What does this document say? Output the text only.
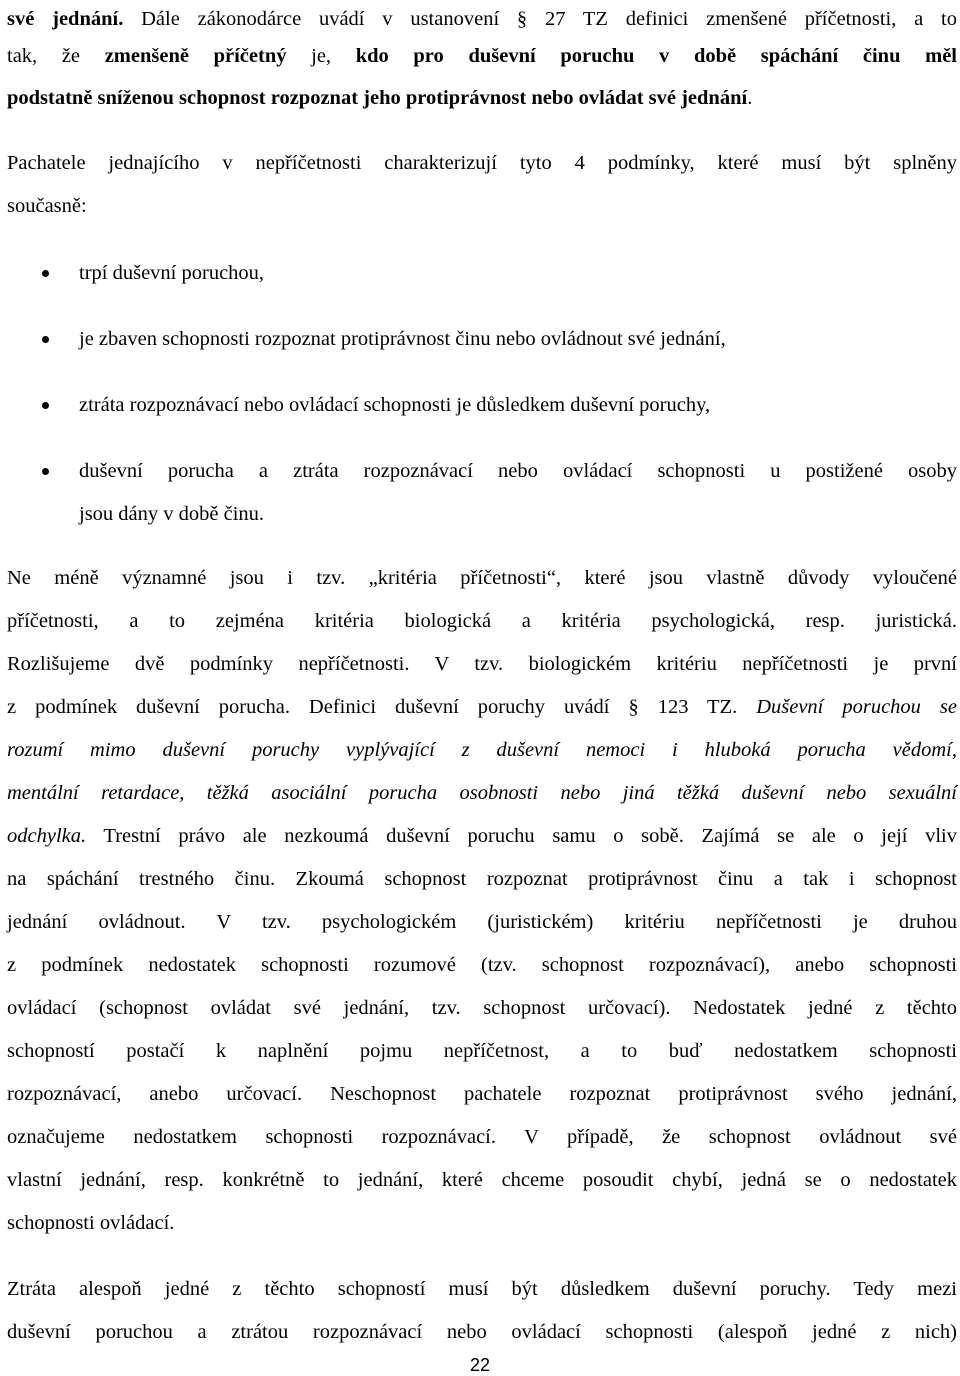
své jednání. Dále zákonodárce uvádí v ustanovení § 27 TZ definici zmenšené příčetnosti, a to
tak, že zmenšeně příčetný je, kdo pro duševní poruchu v době spáchání činu měl
podstatně sníženou schopnost rozpoznat jeho protiprávnost nebo ovládat své jednání.
Pachatele jednajícího v nepříčetnosti charakterizují tyto 4 podmínky, které musí být splněny
současně:
trpí duševní poruchou,
je zbaven schopnosti rozpoznat protiprávnost činu nebo ovládnout své jednání,
ztráta rozpoznávací nebo ovládací schopnosti je důsledkem duševní poruchy,
duševní porucha a ztráta rozpoznávací nebo ovládací schopnosti u postižené osoby
jsou dány v době činu.
Ne méně významné jsou i tzv. „kritéria příčetnosti“, které jsou vlastně důvody vyloučené
příčetnosti, a to zejména kritéria biologická a kritéria psychologická, resp. juristická.
Rozlišujeme dvě podmínky nepříčetnosti. V tzv. biologickém kritériu nepříčetnosti je první
z podmínek duševní porucha. Definici duševní poruchy uvádí § 123 TZ. Duševní poruchou se
rozumí mimo duševní poruchy vyplývající z duševní nemoci i hluboká porucha vědomí,
mentální retardace, těžká asociální porucha osobnosti nebo jiná těžká duševní nebo sexuální
odchylka. Trestní právo ale nezkoumá duševní poruchu samu o sobě. Zajímá se ale o její vliv
na spáchání trestného činu. Zkoumá schopnost rozpoznat protiprávnost činu a tak i schopnost
jednání ovládnout. V tzv. psychologickém (juristickém) kritériu nepříčetnosti je druhou
z podmínek nedostatek schopnosti rozumové (tzv. schopnost rozpoznávací), anebo schopnosti
ovládací (schopnost ovládat své jednání, tzv. schopnost určovací). Nedostatek jedné z těchto
schopností postačí k naplnění pojmu nepříčetnost, a to buď nedostatkem schopnosti
rozpoznávací, anebo určovací. Neschopnost pachatele rozpoznat protiprávnost svého jednání,
označujeme nedostatkem schopnosti rozpoznávací. V případě, že schopnost ovládnout své
vlastní jednání, resp. konkrétně to jednání, které chceme posoudit chybí, jedná se o nedostatek
schopnosti ovládací.
Ztráta alespoň jedné z těchto schopností musí být důsledkem duševní poruchy. Tedy mezi
duševní poruchou a ztrátou rozpoznávací nebo ovládací schopnosti (alespoň jedné z nich)
22
